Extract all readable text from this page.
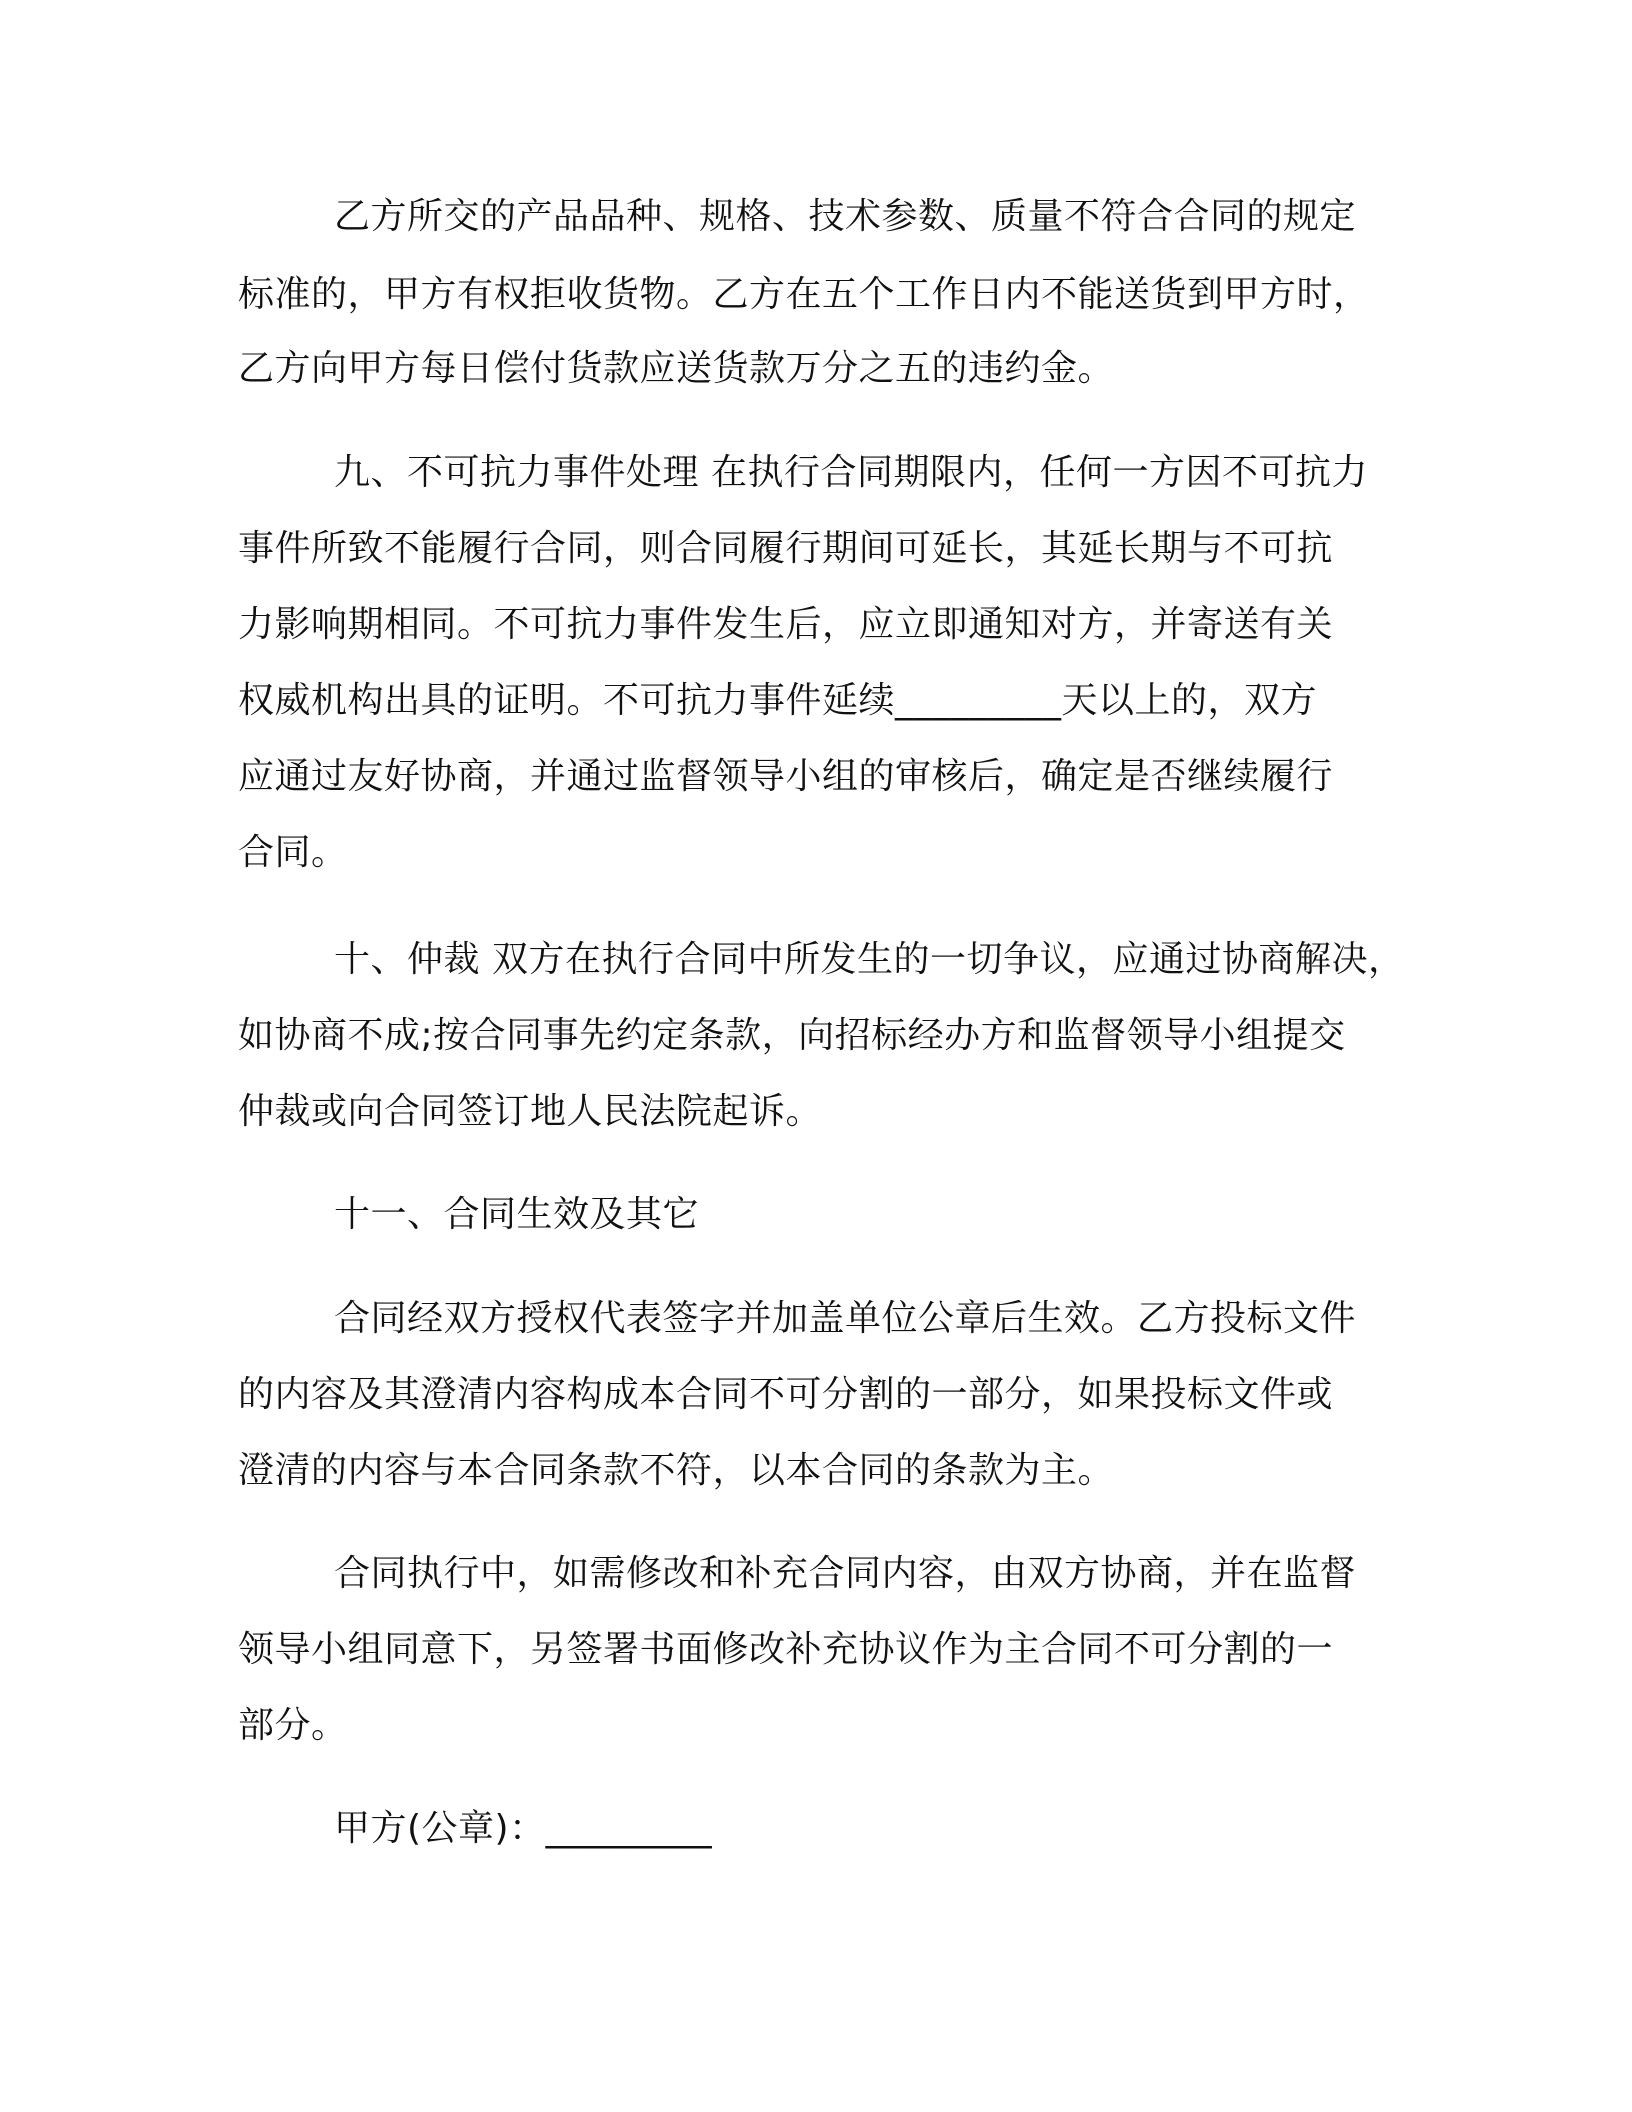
乙方所交的产品品种、规格、技术参数、质量不符合合同的规定
标准的，甲方有权拒收货物。乙方在五个工作日内不能送货到甲方时，
乙方向甲方每日偿付货款应送货款万分之五的违约金。
九、不可抗力事件处理 在执行合同期限内，任何一方因不可抗力
事件所致不能履行合同，则合同履行期间可延长，其延长期与不可抗
力影响期相同。不可抗力事件发生后，应立即通知对方，并寄送有关
权威机构出具的证明。不可抗力事件延续_________天以上的，双方
应通过友好协商，并通过监督领导小组的审核后，确定是否继续履行
合同。
十、仲裁 双方在执行合同中所发生的一切争议，应通过协商解决，
如协商不成;按合同事先约定条款，向招标经办方和监督领导小组提交
仲裁或向合同签订地人民法院起诉。
十一、合同生效及其它
合同经双方授权代表签字并加盖单位公章后生效。乙方投标文件
的内容及其澄清内容构成本合同不可分割的一部分，如果投标文件或
澄清的内容与本合同条款不符，以本合同的条款为主。
合同执行中，如需修改和补充合同内容，由双方协商，并在监督
领导小组同意下，另签署书面修改补充协议作为主合同不可分割的一
部分。
甲方(公章)：_________
